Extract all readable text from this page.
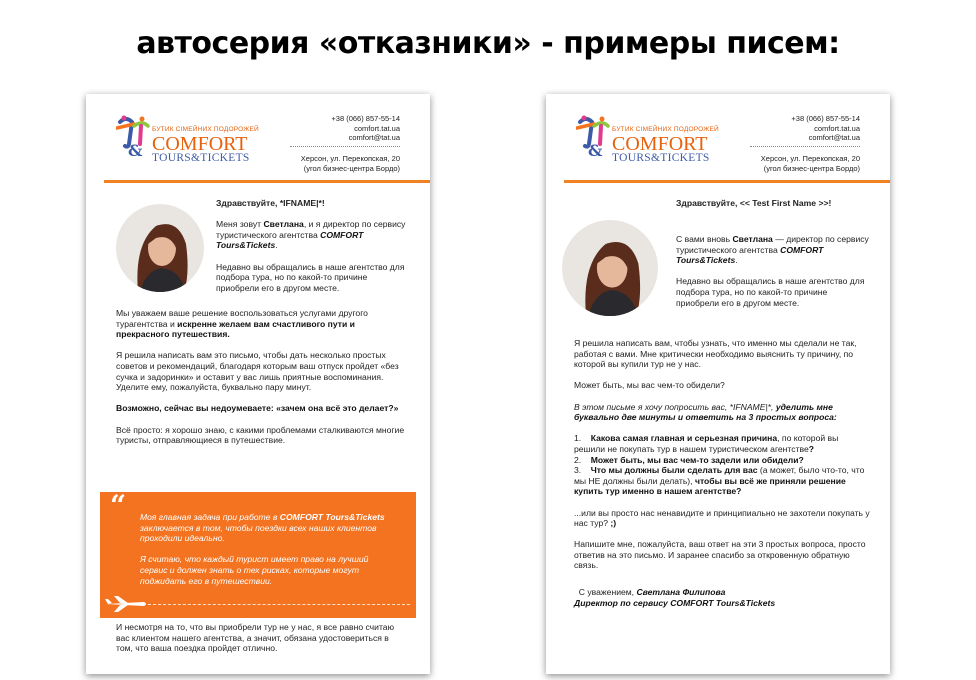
автосерия «отказники» - примеры писем:
&
БУТИК СІМЕЙНИХ ПОДОРОЖЕЙ
COMFORT
TOURS&TICKETS
+38 (066) 857-55-14
comfort.tat.ua
comfort@tat.ua
Херсон, ул. Перекопская, 20
(угол бизнес-центра Бордо)

Здравствуйте, *IFNAME|*!

Меня зовут Светлана, и я директор по сервису туристического агентства COMFORT Tours&Tickets.

Недавно вы обращались в наше агентство для подбора тура, но по какой-то причине приобрели его в другом месте.

Мы уважаем ваше решение воспользоваться услугами другого турагентства и искренне желаем вам счастливого пути и прекрасного путешествия.

Я решила написать вам это письмо, чтобы дать несколько простых советов и рекомендаций, благодаря которым ваш отпуск пройдет «без сучка и задоринки» и оставит у вас лишь приятные воспоминания.
Уделите ему, пожалуйста, буквально пару минут.

Возможно, сейчас вы недоумеваете: «зачем она всё это делает?»

Всё просто: я хорошо знаю, с какими проблемами сталкиваются многие туристы, отправляющиеся в путешествие.

“ Моя главная задача при работе в COMFORT Tours&Tickets заключается в том, чтобы поездки всех наших клиентов проходили идеально.

Я считаю, что каждый турист имеет право на лучший сервис и должен знать о тех рисках, которые могут поджидать его в путешествии.

И несмотря на то, что вы приобрели тур не у нас, я все равно считаю вас клиентом нашего агентства, а значит, обязана удостовериться в том, что ваша поездка пройдет отлично.

&
БУТИК СІМЕЙНИХ ПОДОРОЖЕЙ
COMFORT
TOURS&TICKETS
+38 (066) 857-55-14
comfort.tat.ua
comfort@tat.ua
Херсон, ул. Перекопская, 20
(угол бизнес-центра Бордо)

Здравствуйте, << Test First Name >>!

С вами вновь Светлана — директор по сервису туристического агентства COMFORT Tours&Tickets.

Недавно вы обращались в наше агентство для подбора тура, но по какой-то причине приобрели его в другом месте.

Я решила написать вам, чтобы узнать, что именно мы сделали не так, работая с вами. Мне критически необходимо выяснить ту причину, по которой вы купили тур не у нас.

Может быть, мы вас чем-то обидели?

В этом письме я хочу попросить вас, *IFNAME|*, уделить мне буквально две минуты и ответить на 3 простых вопроса:

1. Какова самая главная и серьезная причина, по которой вы решили не покупать тур в нашем туристическом агентстве?
2. Может быть, мы вас чем-то задели или обидели?
3. Что мы должны были сделать для вас (а может, было что-то, что мы НЕ должны были делать), чтобы вы всё же приняли решение купить тур именно в нашем агентстве?

...или вы просто нас ненавидите и принципиально не захотели покупать у нас тур? ;)

Напишите мне, пожалуйста, ваш ответ на эти 3 простых вопроса, просто ответив на это письмо. И заранее спасибо за откровенную обратную связь.

С уважением, Светлана Филипова
Директор по сервису COMFORT Tours&Tickets
